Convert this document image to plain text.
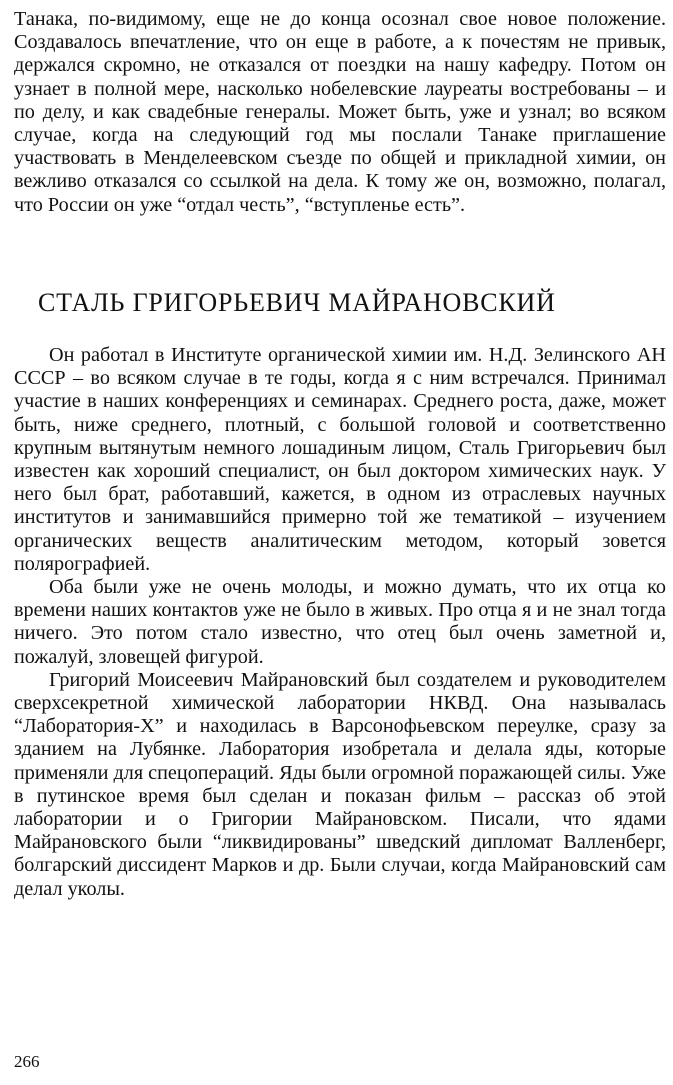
Танака, по-видимому, еще не до конца осознал свое новое положение. Создавалось впечатление, что он еще в работе, а к почестям не привык, держался скромно, не отказался от поездки на нашу кафедру. Потом он узнает в полной мере, насколько нобелевские лауреаты востребованы – и по делу, и как свадебные генералы. Может быть, уже и узнал; во всяком случае, когда на следующий год мы послали Танаке приглашение участвовать в Менделеевском съезде по общей и прикладной химии, он вежливо отказался со ссылкой на дела. К тому же он, возможно, полагал, что России он уже “отдал честь”, “вступленье есть”.

СТАЛЬ ГРИГОРЬЕВИЧ МАЙРАНОВСКИЙ

Он работал в Институте органической химии им. Н.Д. Зелинского АН СССР – во всяком случае в те годы, когда я с ним встречался. Принимал участие в наших конференциях и семинарах. Среднего роста, даже, может быть, ниже среднего, плотный, с большой головой и соответственно крупным вытянутым немного лошадиным лицом, Сталь Григорьевич был известен как хороший специалист, он был доктором химических наук. У него был брат, работавший, кажется, в одном из отраслевых научных институтов и занимавшийся примерно той же тематикой – изучением органических веществ аналитическим методом, который зовется полярографией.

Оба были уже не очень молоды, и можно думать, что их отца ко времени наших контактов уже не было в живых. Про отца я и не знал тогда ничего. Это потом стало известно, что отец был очень заметной и, пожалуй, зловещей фигурой.

Григорий Моисеевич Майрановский был создателем и руководителем сверхсекретной химической лаборатории НКВД. Она называлась “Лаборатория-Х” и находилась в Варсонофьевском переулке, сразу за зданием на Лубянке. Лаборатория изобретала и делала яды, которые применяли для спецопераций. Яды были огромной поражающей силы. Уже в путинское время был сделан и показан фильм – рассказ об этой лаборатории и о Григории Майрановском. Писали, что ядами Майрановского были “ликвидированы” шведский дипломат Валленберг, болгарский диссидент Марков и др. Были случаи, когда Майрановский сам делал уколы.

266
